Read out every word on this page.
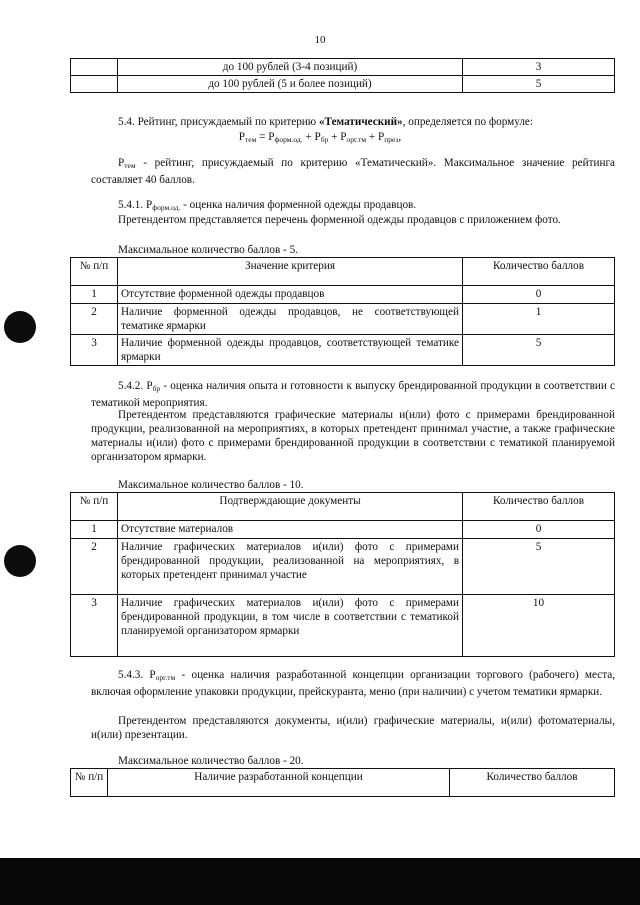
10
	до 100 рублей (3-4 позиций)	3
	до 100 рублей (5 и более позиций)	5
5.4. Рейтинг, присуждаемый по критерию «Тематический», определяется по формуле:
$Р_{тем} = Р_{форм.од.} + Р_{бр} + Р_{орг.тм} + Р_{през}$,
$Р_{тем}$ - рейтинг, присуждаемый по критерию «Тематический». Максимальное значение рейтинга составляет 40 баллов.
5.4.1. $Р_{форм.од.}$ - оценка наличия форменной одежды продавцов.
Претендентом представляется перечень форменной одежды продавцов с приложением фото.
Максимальное количество баллов - 5.
№ п/п	Значение критерия	Количество баллов
1	Отсутствие форменной одежды продавцов	0
2	Наличие форменной одежды продавцов, не соответствующей тематике ярмарки	1
3	Наличие форменной одежды продавцов, соответствующей тематике ярмарки	5
5.4.2. $Р_{бр}$ - оценка наличия опыта и готовности к выпуску брендированной продукции в соответствии с тематикой мероприятия.
Претендентом представляются графические материалы и(или) фото с примерами брендированной продукции, реализованной на мероприятиях, в которых претендент принимал участие, а также графические материалы и(или) фото с примерами брендированной продукции в соответствии с тематикой планируемой организатором ярмарки.
Максимальное количество баллов - 10.
№ п/п	Подтверждающие документы	Количество баллов
1	Отсутствие материалов	0
2	Наличие графических материалов и(или) фото с примерами брендированной продукции, реализованной на мероприятиях, в которых претендент принимал участие	5
3	Наличие графических материалов и(или) фото с примерами брендированной продукции, в том числе в соответствии с тематикой планируемой организатором ярмарки	10
5.4.3. $Р_{орг.тм}$ - оценка наличия разработанной концепции организации торгового (рабочего) места, включая оформление упаковки продукции, прейскуранта, меню (при наличии) с учетом тематики ярмарки.
Претендентом представляются документы, и(или) графические материалы, и(или) фотоматериалы, и(или) презентации.
Максимальное количество баллов - 20.
№ п/п	Наличие разработанной концепции	Количество баллов
